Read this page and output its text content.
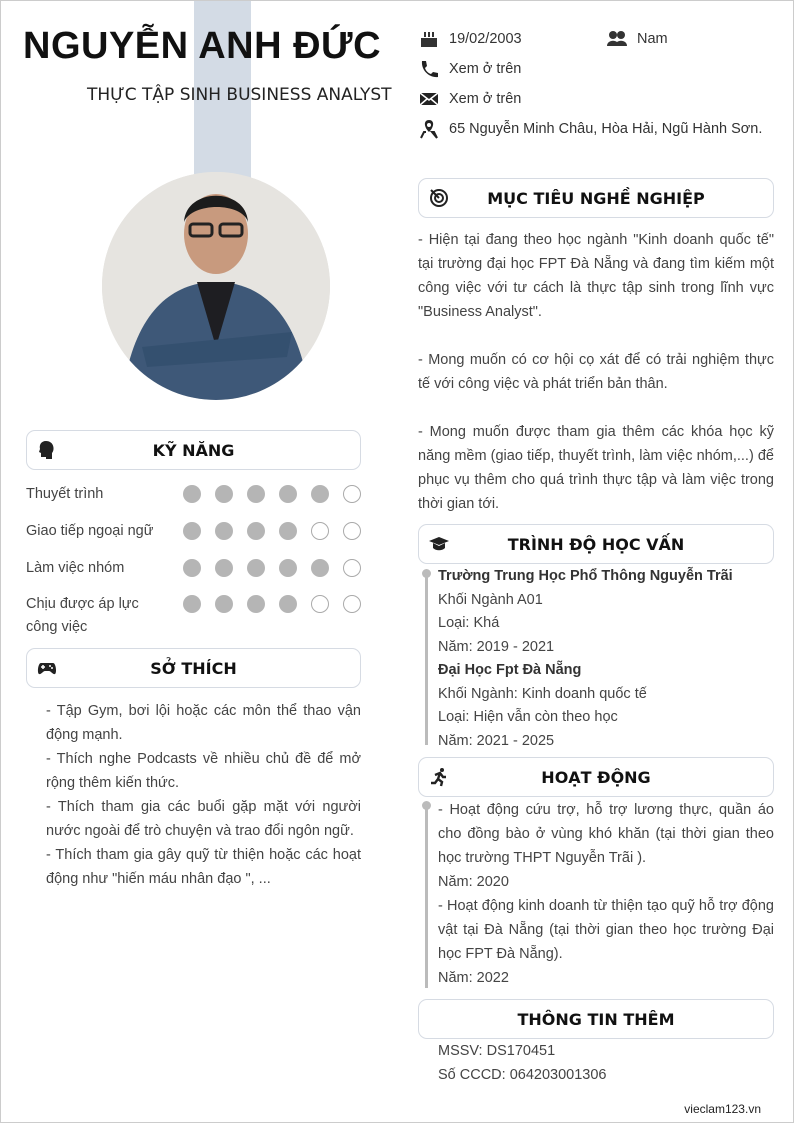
NGUYỄN ANH ĐỨC
THỰC TẬP SINH BUSINESS ANALYST
19/02/2003	Nam
Xem ở trên
Xem ở trên
65 Nguyễn Minh Châu, Hòa Hải, Ngũ Hành Sơn.
MỤC TIÊU NGHỀ NGHIỆP

- Hiện tại đang theo học ngành "Kinh doanh quốc tế" tại trường đại học FPT Đà Nẵng và đang tìm kiếm một công việc với tư cách là thực tập sinh trong lĩnh vực "Business Analyst".

- Mong muốn có cơ hội cọ xát để có trải nghiệm thực tế với công việc và phát triển bản thân.

- Mong muốn được tham gia thêm các khóa học kỹ năng mềm (giao tiếp, thuyết trình, làm việc nhóm,...) để phục vụ thêm cho quá trình thực tập và làm việc trong thời gian tới.

KỸ NĂNG
Thuyết trình
Giao tiếp ngoại ngữ
Làm việc nhóm
Chịu được áp lực công việc
SỞ THÍCH

- Tập Gym, bơi lội hoặc các môn thể thao vận động mạnh.

- Thích nghe Podcasts về nhiều chủ đề để mở rộng thêm kiến thức.

- Thích tham gia các buổi gặp mặt với người nước ngoài để trò chuyện và trao đổi ngôn ngữ.

- Thích tham gia gây quỹ từ thiện hoặc các hoạt động như "hiến máu nhân đạo ", ...

TRÌNH ĐỘ HỌC VẤN

Trường Trung Học Phổ Thông Nguyễn Trãi

Khối Ngành A01

Loại: Khá

Năm: 2019 - 2021

Đại Học Fpt Đà Nẵng

Khối Ngành: Kinh doanh quốc tế

Loại: Hiện vẫn còn theo học

Năm: 2021 - 2025

HOẠT ĐỘNG

- Hoạt động cứu trợ, hỗ trợ lương thực, quần áo cho đồng bào ở vùng khó khăn (tại thời gian theo học trường THPT Nguyễn Trãi ).

Năm: 2020

- Hoạt động kinh doanh từ thiện tạo quỹ hỗ trợ động vật tại Đà Nẵng (tại thời gian theo học trường Đại học FPT Đà Nẵng).

Năm: 2022

THÔNG TIN THÊM

MSSV: DS170451

Số CCCD: 064203001306

vieclam123.vn
